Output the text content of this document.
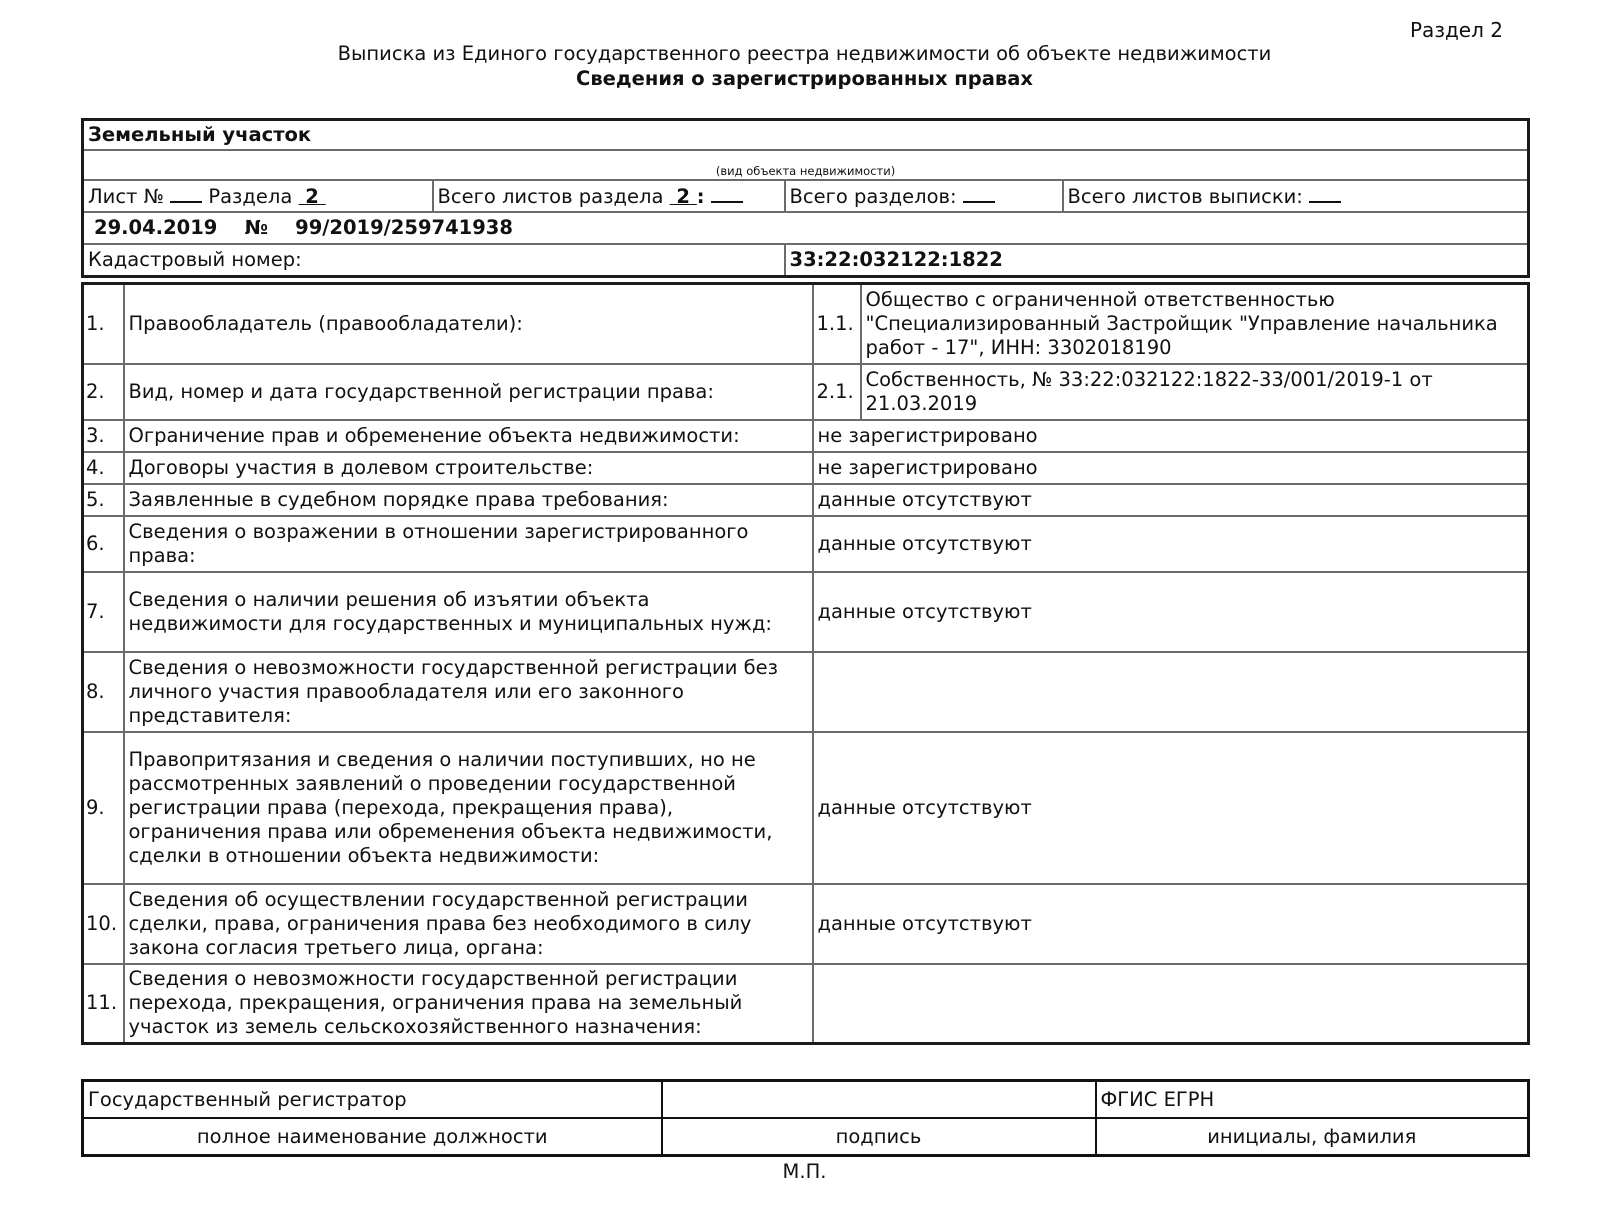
Раздел 2
Выписка из Единого государственного реестра недвижимости об объекте недвижимости
Сведения о зарегистрированных правах
Земельный участок			
(вид объекта недвижимости)			
Лист № Раздела 2	Всего листов раздела 2 :	Всего разделов:	Всего листов выписки:
29.04.2019 № 99/2019/259741938			
Кадастровый номер:		33:22:032122:1822	
1.	Правообладатель (правообладатели):	1.1.	Общество с ограниченной ответственностью "Специализированный Застройщик "Управление начальника работ - 17", ИНН: 3302018190
2.	Вид, номер и дата государственной регистрации права:	2.1.	Собственность, № 33:22:032122:1822-33/001/2019-1 от 21.03.2019
3.	Ограничение прав и обременение объекта недвижимости:	не зарегистрировано	
4.	Договоры участия в долевом строительстве:	не зарегистрировано	
5.	Заявленные в судебном порядке права требования:	данные отсутствуют	
6.	Сведения о возражении в отношении зарегистрированного права:	данные отсутствуют	
7.	Сведения о наличии решения об изъятии объекта недвижимости для государственных и муниципальных нужд:	данные отсутствуют	
8.	Сведения о невозможности государственной регистрации без личного участия правообладателя или его законного представителя:		
9.	Правопритязания и сведения о наличии поступивших, но не рассмотренных заявлений о проведении государственной регистрации права (перехода, прекращения права), ограничения права или обременения объекта недвижимости, сделки в отношении объекта недвижимости:	данные отсутствуют	
10.	Сведения об осуществлении государственной регистрации сделки, права, ограничения права без необходимого в силу закона согласия третьего лица, органа:	данные отсутствуют	
11.	Сведения о невозможности государственной регистрации перехода, прекращения, ограничения права на земельный участок из земель сельскохозяйственного назначения:		
Государственный регистратор		ФГИС ЕГРН
полное наименование должности	подпись	инициалы, фамилия
М.П.
